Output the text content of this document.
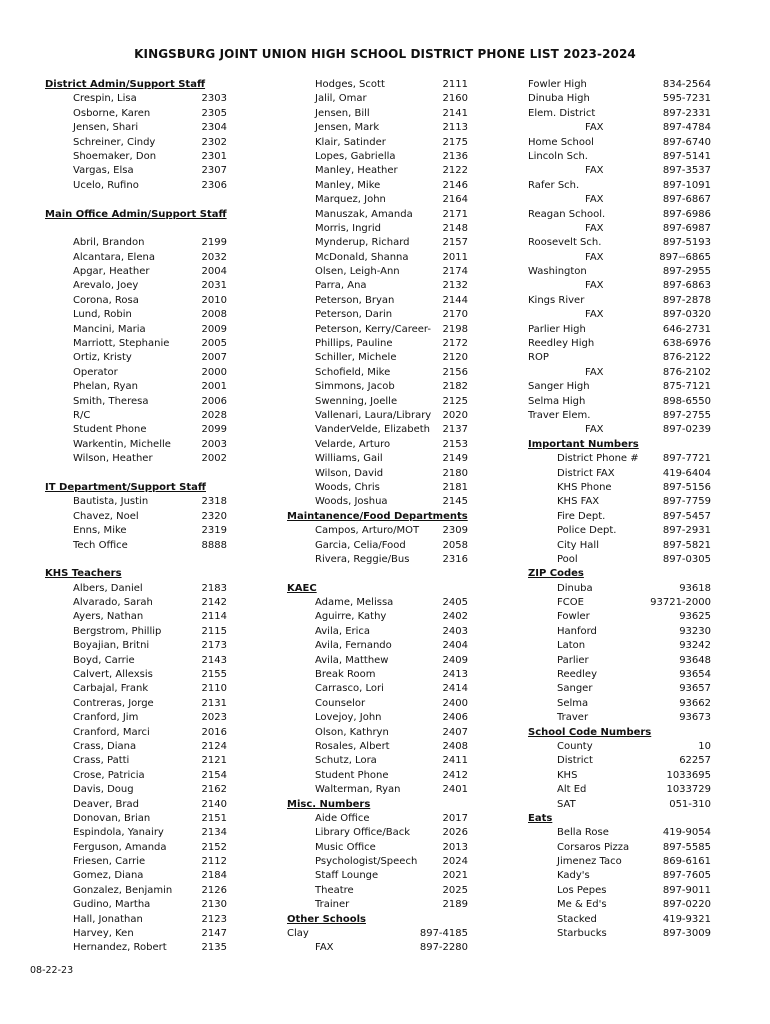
KINGSBURG JOINT UNION HIGH SCHOOL DISTRICT PHONE LIST 2023-2024
District Admin/Support Staff
Crespin, Lisa	2303
Osborne, Karen	2305
Jensen, Shari	2304
Schreiner, Cindy	2302
Shoemaker, Don	2301
Vargas, Elsa	2307
Ucelo, Rufino	2306
Main Office Admin/Support Staff
Abril, Brandon	2199
Alcantara, Elena	2032
Apgar, Heather	2004
Arevalo, Joey	2031
Corona, Rosa	2010
Lund, Robin	2008
Mancini, Maria	2009
Marriott, Stephanie	2005
Ortiz, Kristy	2007
Operator	2000
Phelan, Ryan	2001
Smith, Theresa	2006
R/C	2028
Student Phone	2099
Warkentin, Michelle	2003
Wilson, Heather	2002
IT Department/Support Staff
Bautista, Justin	2318
Chavez, Noel	2320
Enns, Mike	2319
Tech Office	8888
KHS Teachers
Albers, Daniel	2183
Alvarado, Sarah	2142
Ayers, Nathan	2114
Bergstrom, Phillip	2115
Boyajian, Britni	2173
Boyd, Carrie	2143
Calvert, Allexsis	2155
Carbajal, Frank	2110
Contreras, Jorge	2131
Cranford, Jim	2023
Cranford, Marci	2016
Crass, Diana	2124
Crass, Patti	2121
Crose, Patricia	2154
Davis, Doug	2162
Deaver, Brad	2140
Donovan, Brian	2151
Espindola, Yanairy	2134
Ferguson, Amanda	2152
Friesen, Carrie	2112
Gomez, Diana	2184
Gonzalez, Benjamin	2126
Gudino, Martha	2130
Hall, Jonathan	2123
Harvey, Ken	2147
Hernandez, Robert	2135
Hodges, Scott	2111
Jalil, Omar	2160
Jensen, Bill	2141
Jensen, Mark	2113
Klair, Satinder	2175
Lopes, Gabriella	2136
Manley, Heather	2122
Manley, Mike	2146
Marquez, John	2164
Manuszak, Amanda	2171
Morris, Ingrid	2148
Mynderup, Richard	2157
McDonald, Shanna	2011
Olsen, Leigh-Ann	2174
Parra, Ana	2132
Peterson, Bryan	2144
Peterson, Darin	2170
Peterson, Kerry/Career- 2198
Phillips, Pauline	2172
Schiller, Michele	2120
Schofield, Mike	2156
Simmons, Jacob	2182
Swenning, Joelle	2125
Vallenari, Laura/Library 2020
VanderVelde, Elizabeth 2137
Velarde, Arturo	2153
Williams, Gail	2149
Wilson, David	2180
Woods, Chris	2181
Woods, Joshua	2145
Maintanence/Food Departments
Campos, Arturo/MOT 2309
Garcia, Celia/Food	2058
Rivera, Reggie/Bus	2316
KAEC
Adame, Melissa	2405
Aguirre, Kathy	2402
Avila, Erica	2403
Avila, Fernando	2404
Avila, Matthew	2409
Break Room	2413
Carrasco, Lori	2414
Counselor	2400
Lovejoy, John	2406
Olson, Kathryn	2407
Rosales, Albert	2408
Schutz, Lora	2411
Student Phone	2412
Walterman, Ryan	2401
Misc. Numbers
Aide Office	2017
Library Office/Back	2026
Music Office	2013
Psychologist/Speech	2024
Staff Lounge	2021
Theatre	2025
Trainer	2189
Other Schools
Clay	897-4185
FAX	897-2280
Fowler High	834-2564
Dinuba High	595-7231
Elem. District	897-2331
FAX	897-4784
Home School	897-6740
Lincoln Sch.	897-5141
FAX	897-3537
Rafer Sch.	897-1091
FAX	897-6867
Reagan School.	897-6986
FAX	897-6987
Roosevelt Sch.	897-5193
FAX	897--6865
Washington	897-2955
FAX	897-6863
Kings River	897-2878
FAX	897-0320
Parlier High	646-2731
Reedley High	638-6976
ROP	876-2122
FAX	876-2102
Sanger High	875-7121
Selma High	898-6550
Traver Elem.	897-2755
FAX	897-0239
Important Numbers
District Phone # 897-7721
District FAX	419-6404
KHS Phone	897-5156
KHS FAX	897-7759
Fire Dept.	897-5457
Police Dept.	897-2931
City Hall	897-5821
Pool	897-0305
ZIP Codes
Dinuba	93618
FCOE	93721-2000
Fowler	93625
Hanford	93230
Laton	93242
Parlier	93648
Reedley	93654
Sanger	93657
Selma	93662
Traver	93673
School Code Numbers
County	10
District	62257
KHS	1033695
Alt Ed	1033729
SAT	051-310
Eats
Bella Rose	419-9054
Corsaros Pizza	897-5585
Jimenez Taco	869-6161
Kady's	897-7605
Los Pepes	897-9011
Me & Ed's	897-0220
Stacked	419-9321
Starbucks	897-3009
08-22-23
